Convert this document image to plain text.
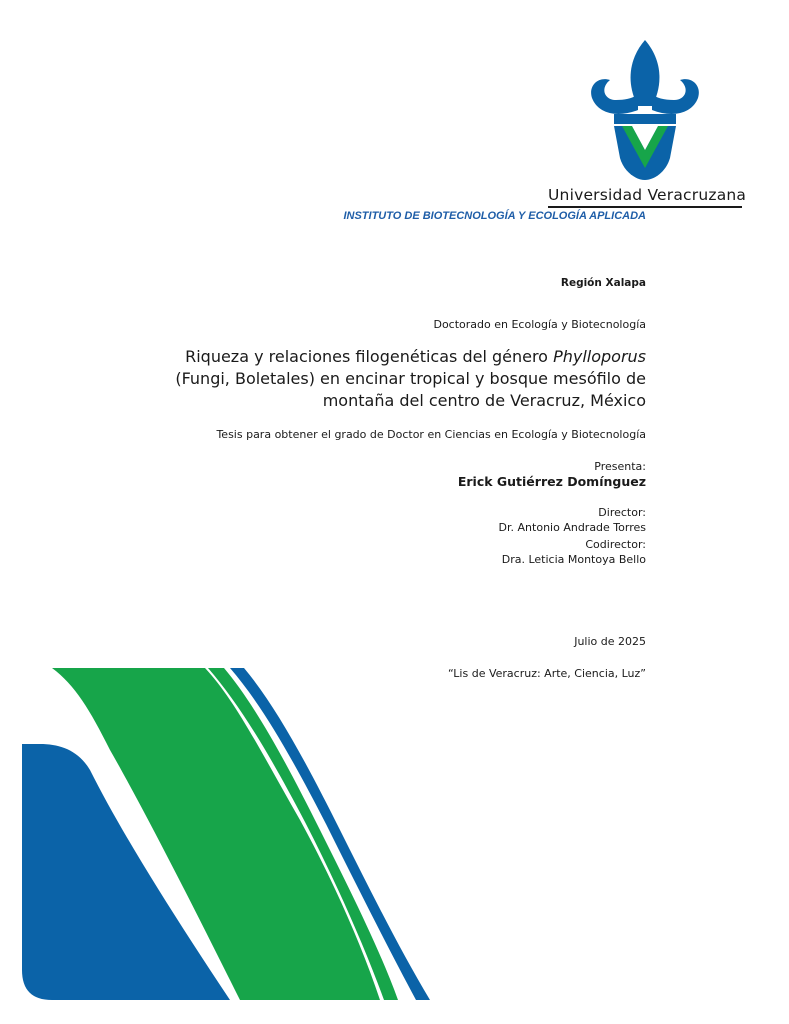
Universidad Veracruzana
INSTITUTO DE BIOTECNOLOGÍA Y ECOLOGÍA APLICADA
Región Xalapa
Doctorado en Ecología y Biotecnología
Riqueza y relaciones filogenéticas del género Phylloporus
(Fungi, Boletales) en encinar tropical y bosque mesófilo de
montaña del centro de Veracruz, México
Tesis para obtener el grado de Doctor en Ciencias en Ecología y Biotecnología
Presenta:
Erick Gutiérrez Domínguez
Director:
Dr. Antonio Andrade Torres
Codirector:
Dra. Leticia Montoya Bello
Julio de 2025
“Lis de Veracruz: Arte, Ciencia, Luz”
